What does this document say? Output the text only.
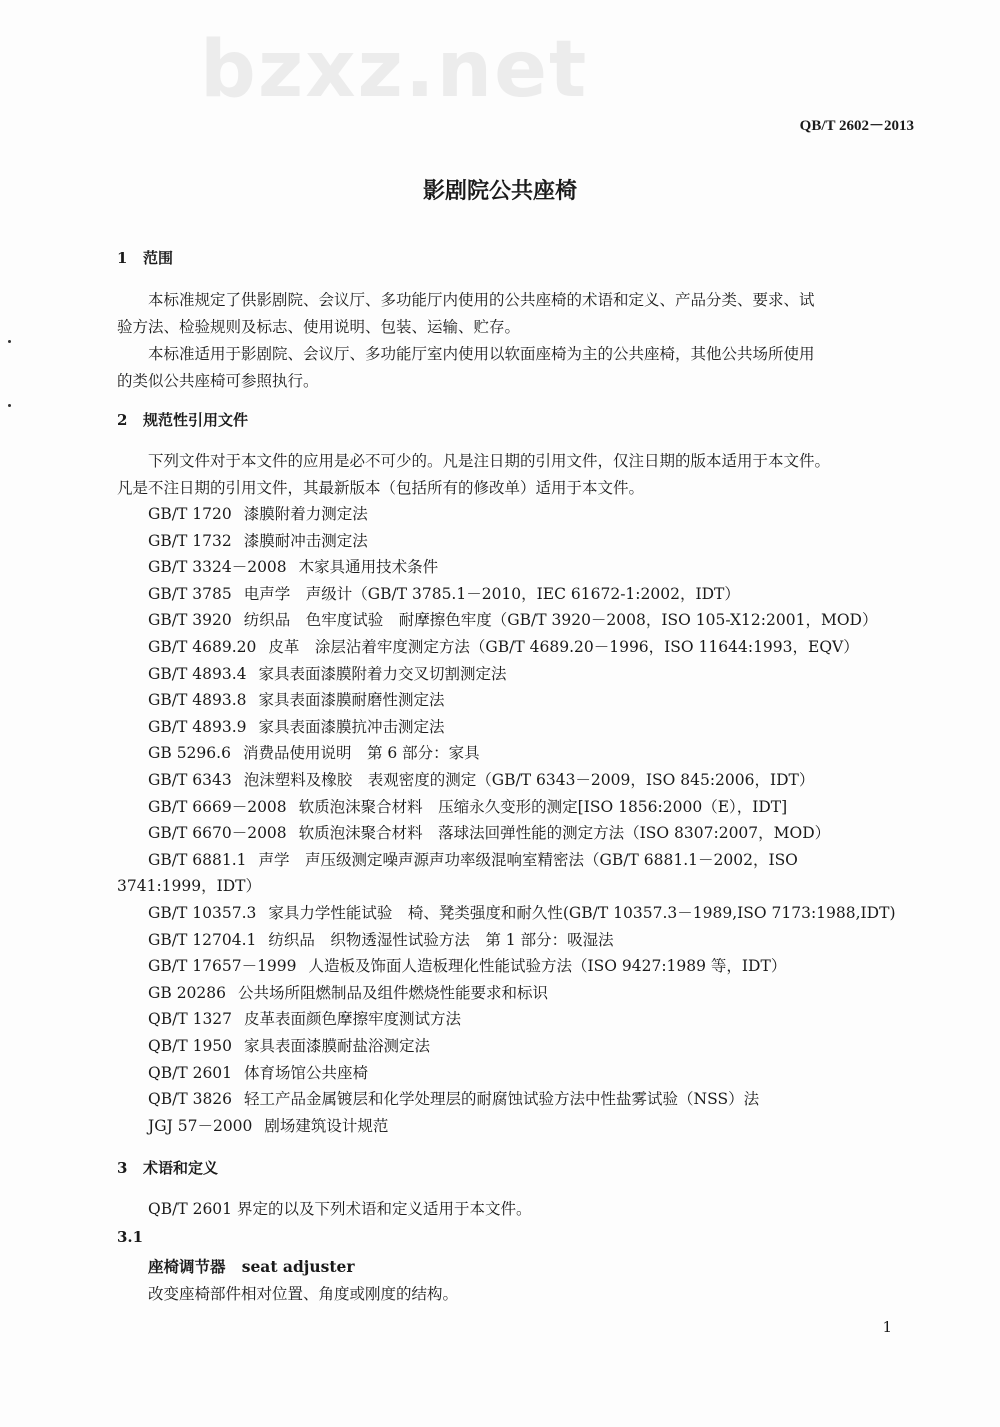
bzxz.net
QB/T 2602－2013
影剧院公共座椅
1 范围
本标准规定了供影剧院、会议厅、多功能厅内使用的公共座椅的术语和定义、产品分类、要求、试
验方法、检验规则及标志、使用说明、包装、运输、贮存。
本标准适用于影剧院、会议厅、多功能厅室内使用以软面座椅为主的公共座椅，其他公共场所使用
的类似公共座椅可参照执行。
2 规范性引用文件
下列文件对于本文件的应用是必不可少的。凡是注日期的引用文件，仅注日期的版本适用于本文件。
凡是不注日期的引用文件，其最新版本（包括所有的修改单）适用于本文件。
GB/T 1720 漆膜附着力测定法
GB/T 1732 漆膜耐冲击测定法
GB/T 3324－2008 木家具通用技术条件
GB/T 3785 电声学　声级计（GB/T 3785.1－2010，IEC 61672-1:2002，IDT）
GB/T 3920 纺织品　色牢度试验　耐摩擦色牢度（GB/T 3920－2008，ISO 105-X12:2001，MOD）
GB/T 4689.20 皮革　涂层沾着牢度测定方法（GB/T 4689.20－1996，ISO 11644:1993，EQV）
GB/T 4893.4 家具表面漆膜附着力交叉切割测定法
GB/T 4893.8 家具表面漆膜耐磨性测定法
GB/T 4893.9 家具表面漆膜抗冲击测定法
GB 5296.6 消费品使用说明　第 6 部分：家具
GB/T 6343 泡沫塑料及橡胶　表观密度的测定（GB/T 6343－2009，ISO 845:2006，IDT）
GB/T 6669－2008 软质泡沫聚合材料　压缩永久变形的测定[ISO 1856:2000（E），IDT]
GB/T 6670－2008 软质泡沫聚合材料　落球法回弹性能的测定方法（ISO 8307:2007，MOD）
GB/T 6881.1 声学　声压级测定噪声源声功率级混响室精密法（GB/T 6881.1－2002，ISO
3741:1999，IDT）
GB/T 10357.3 家具力学性能试验　椅、凳类强度和耐久性(GB/T 10357.3－1989,ISO 7173:1988,IDT)
GB/T 12704.1 纺织品　织物透湿性试验方法　第 1 部分：吸湿法
GB/T 17657－1999 人造板及饰面人造板理化性能试验方法（ISO 9427:1989 等，IDT）
GB 20286 公共场所阻燃制品及组件燃烧性能要求和标识
QB/T 1327 皮革表面颜色摩擦牢度测试方法
QB/T 1950 家具表面漆膜耐盐浴测定法
QB/T 2601 体育场馆公共座椅
QB/T 3826 轻工产品金属镀层和化学处理层的耐腐蚀试验方法中性盐雾试验（NSS）法
JGJ 57－2000 剧场建筑设计规范
3 术语和定义
QB/T 2601 界定的以及下列术语和定义适用于本文件。
3.1
座椅调节器 seat adjuster
改变座椅部件相对位置、角度或刚度的结构。
1
